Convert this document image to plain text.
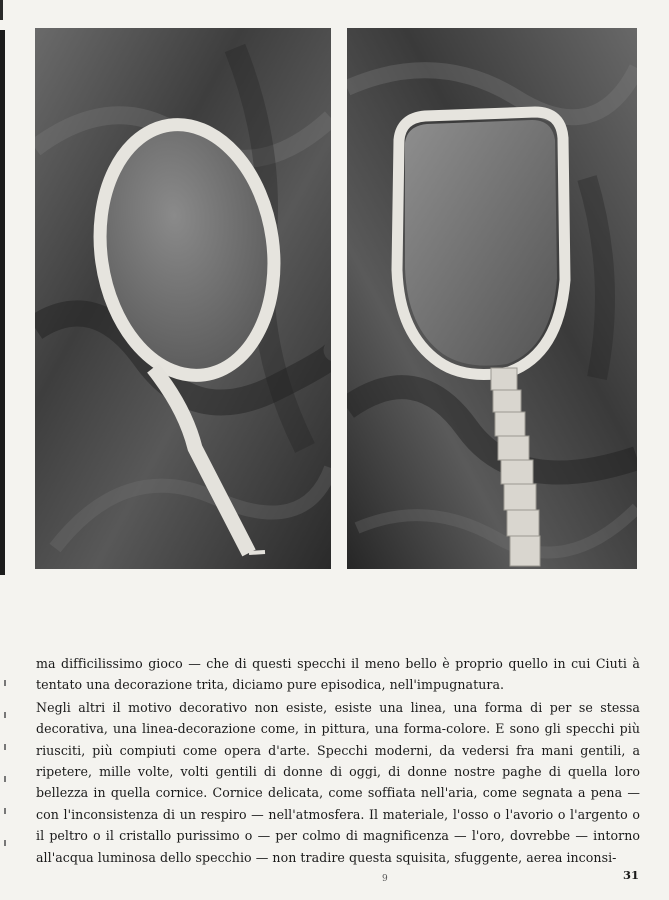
ma difficilissimo gioco — che di questi specchi il meno bello è proprio quello in cui Ciuti à tentato una decorazione trita, diciamo pure episodica, nell'impugnatura.

Negli altri il motivo decorativo non esiste, esiste una linea, una forma di per se stessa decorativa, una linea-decorazione come, in pittura, una forma-colore. E sono gli specchi più riusciti, più compiuti come opera d'arte. Specchi moderni, da vedersi fra mani gentili, a ripetere, mille volte, volti gentili di donne di oggi, di donne nostre paghe di quella loro bellezza in quella cornice. Cornice delicata, come soffiata nell'aria, come segnata a pena — con l'inconsistenza di un respiro — nell'atmosfera. Il materiale, l'osso o l'avorio o l'argento o il peltro o il cristallo purissimo o — per colmo di magnificenza — l'oro, dovrebbe — intorno all'acqua luminosa dello specchio — non tradire questa squisita, sfuggente, aerea inconsi-

9	31
